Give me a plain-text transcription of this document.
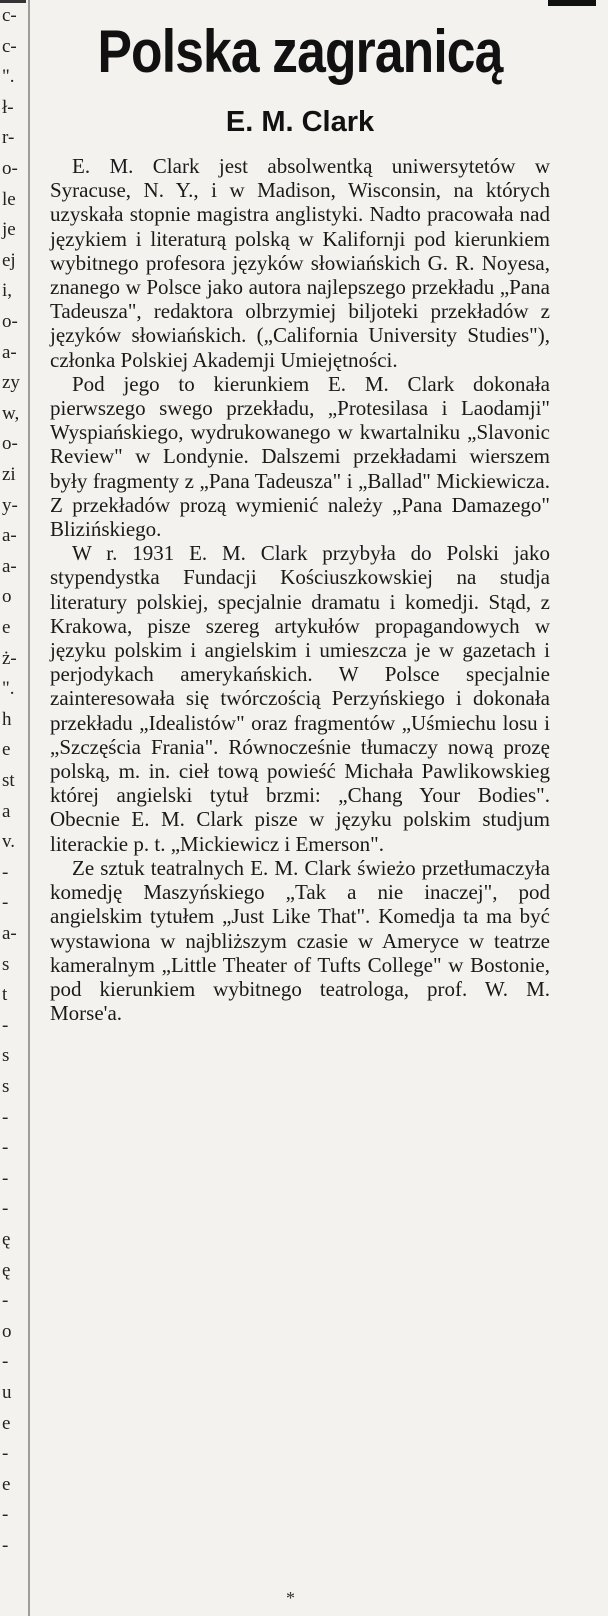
c-
c-
".
ł-
r-
o-
le
je
ej
i,
o-
a-
zy
w,
o-
zi
y-
a-
a-
o
e
ż-
".
h
e
st
a
v.
-
-
a-
s
t
-
s
s
-
-
-
-
ę
ę
-
o
-
u
e
-
e
-
-
Polska zagranicą
E. M. Clark

E. M. Clark jest absolwentką uniwersytetów w Syracuse, N. Y., i w Madison, Wisconsin, na których uzyskała stopnie magistra anglistyki. Nadto pracowała nad językiem i literaturą polską w Kalifornji pod kierunkiem wybitnego profesora języków słowiańskich G. R. Noyesa, znanego w Polsce jako autora najlepszego przekładu „Pana Tadeusza", redaktora olbrzymiej biljoteki przekładów z języków słowiańskich. („California University Studies"), członka Polskiej Akademji Umiejętności.

Pod jego to kierunkiem E. M. Clark dokonała pierwszego swego przekładu, „Protesilasa i Laodamji" Wyspiańskiego, wydrukowanego w kwartalniku „Slavonic Review" w Londynie. Dalszemi przekładami wierszem były fragmenty z „Pana Tadeusza" i „Ballad" Mickiewicza. Z przekładów prozą wymienić należy „Pana Damazego" Blizińskiego.

W r. 1931 E. M. Clark przybyła do Polski jako stypendystka Fundacji Kościuszkowskiej na studja literatury polskiej, specjalnie dramatu i komedji. Stąd, z Krakowa, pisze szereg artykułów propagandowych w języku polskim i angielskim i umieszcza je w gazetach i perjodykach amerykańskich. W Polsce specjalnie zainteresowała się twórczością Perzyńskiego i dokonała przekładu „Idealistów" oraz fragmentów „Uśmiechu losu i „Szczęścia Frania". Równocześnie tłumaczy nową prozę polską, m. in. cieł tową powieść Michała Pawlikowskieg której angielski tytuł brzmi: „Chang Your Bodies". Obecnie E. M. Clark pisze w języku polskim studjum literackie p. t. „Mickiewicz i Emerson".

Ze sztuk teatralnych E. M. Clark świeżo przetłumaczyła komedję Maszyńskiego „Tak a nie inaczej", pod angielskim tytułem „Just Like That". Komedja ta ma być wystawiona w najbliższym czasie w Ameryce w teatrze kameralnym „Little Theater of Tufts College" w Bostonie, pod kierunkiem wybitnego teatrologa, prof. W. M. Morse'a.

*
